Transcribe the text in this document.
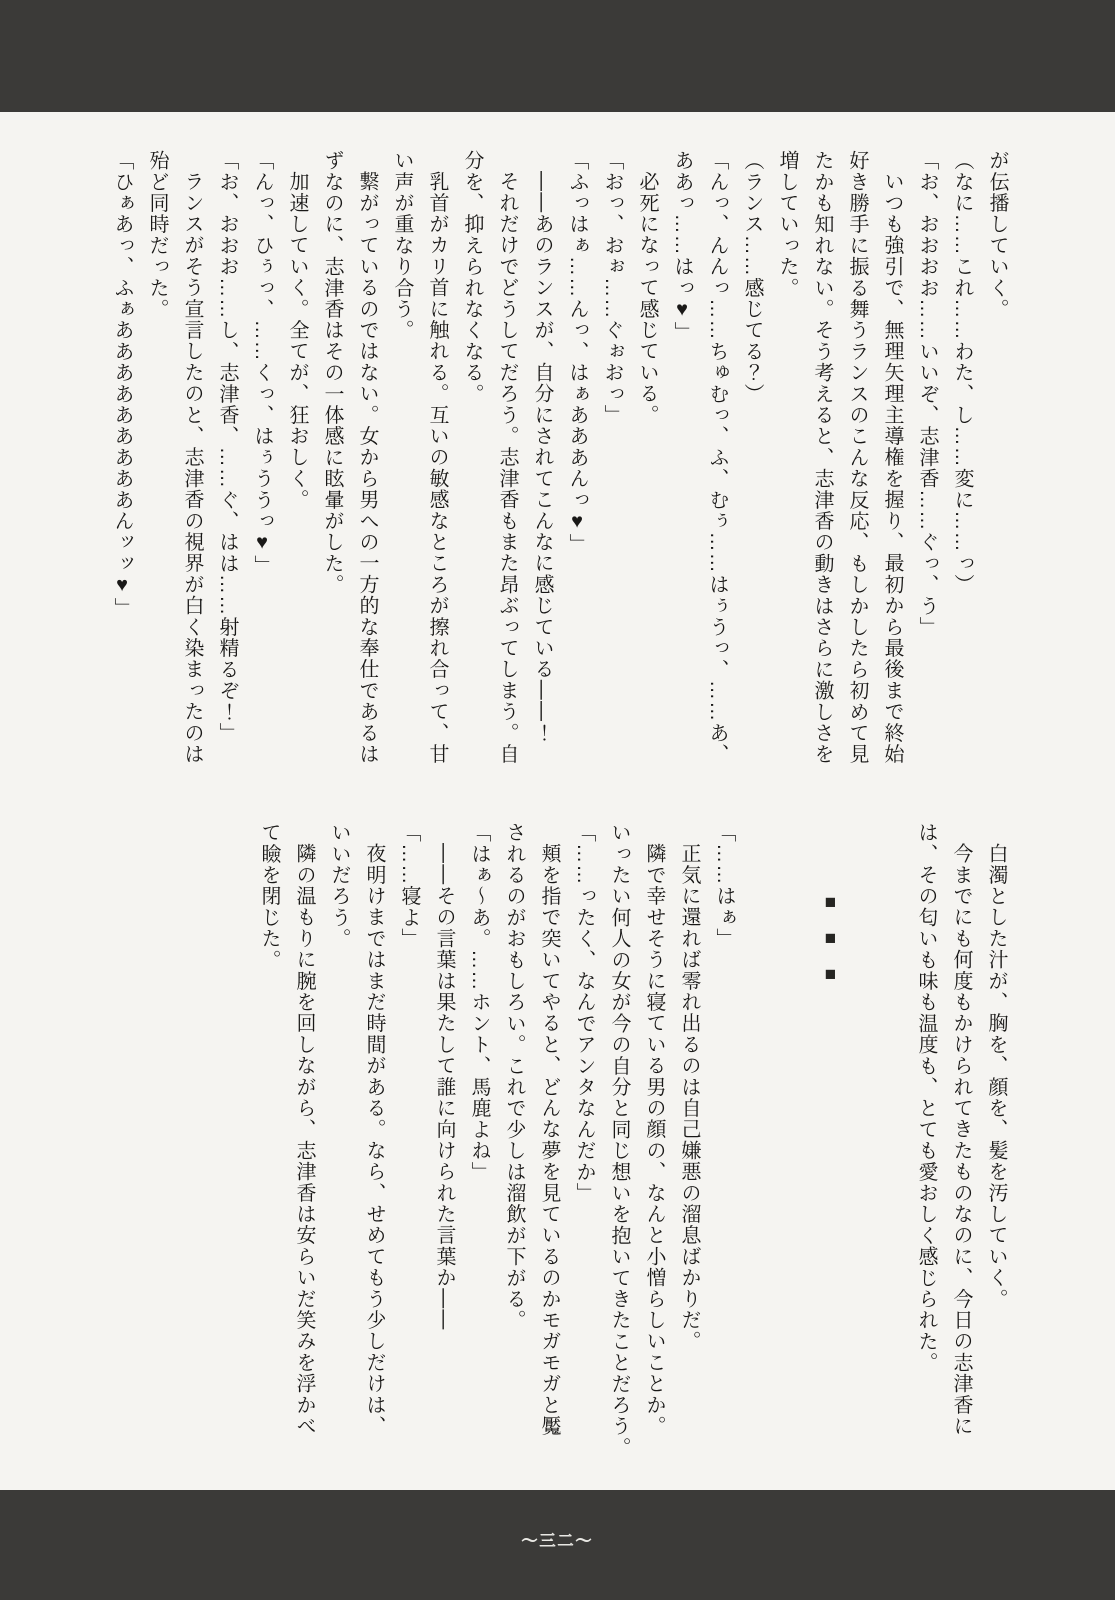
が伝播していく。
（なに……これ……わた、し……変に……っ）
「お、おおおお……いいぞ、志津香……ぐっ、う」
いつも強引で、無理矢理主導権を握り、最初から最後まで終始
好き勝手に振る舞うランスのこんな反応、もしかしたら初めて見
たかも知れない。そう考えると、志津香の動きはさらに激しさを
増していった。
（ランス……感じてる？）
「んっ、んんっ……ちゅむっ、ふ、むぅ……はぅうっ、……あ、
ああっ……はっ♥」
必死になって感じている。
「おっ、おぉ……ぐぉおっ」
「ふっはぁ……んっ、はぁあああんっ♥」
――あのランスが、自分にされてこんなに感じている――！
それだけでどうしてだろう。志津香もまた昂ぶってしまう。自
分を、抑えられなくなる。
乳首がカリ首に触れる。互いの敏感なところが擦れ合って、甘
い声が重なり合う。
繋がっているのではない。女から男への一方的な奉仕であるは
ずなのに、志津香はその一体感に眩暈がした。
加速していく。全てが、狂おしく。
「んっ、ひぅっ、……くっ、はぅううっ♥」
「お、おおお……し、志津香、……ぐ、はは……射精るぞ！」
ランスがそう宣言したのと、志津香の視界が白く染まったのは
殆ど同時だった。
「ひぁあっ、ふぁあああああああああんッッ♥」
白濁とした汁が、胸を、顔を、髪を汚していく。
今までにも何度もかけられてきたものなのに、今日の志津香に
は、その匂いも味も温度も、とても愛おしく感じられた。
■■■
「……はぁ」
正気に還れば零れ出るのは自己嫌悪の溜息ばかりだ。
隣で幸せそうに寝ている男の顔の、なんと小憎らしいことか。
いったい何人の女が今の自分と同じ想いを抱いてきたことだろう。
「……ったく、なんでアンタなんだか」
頬を指で突いてやると、どんな夢を見ているのかモガモガと魘
されるのがおもしろい。これで少しは溜飲が下がる。
「はぁ〜あ。……ホント、馬鹿よね」
――その言葉は果たして誰に向けられた言葉か――
「……寝よ」
夜明けまではまだ時間がある。なら、せめてもう少しだけは、
いいだろう。
隣の温もりに腕を回しながら、志津香は安らいだ笑みを浮かべ
て瞼を閉じた。
〜三二〜
